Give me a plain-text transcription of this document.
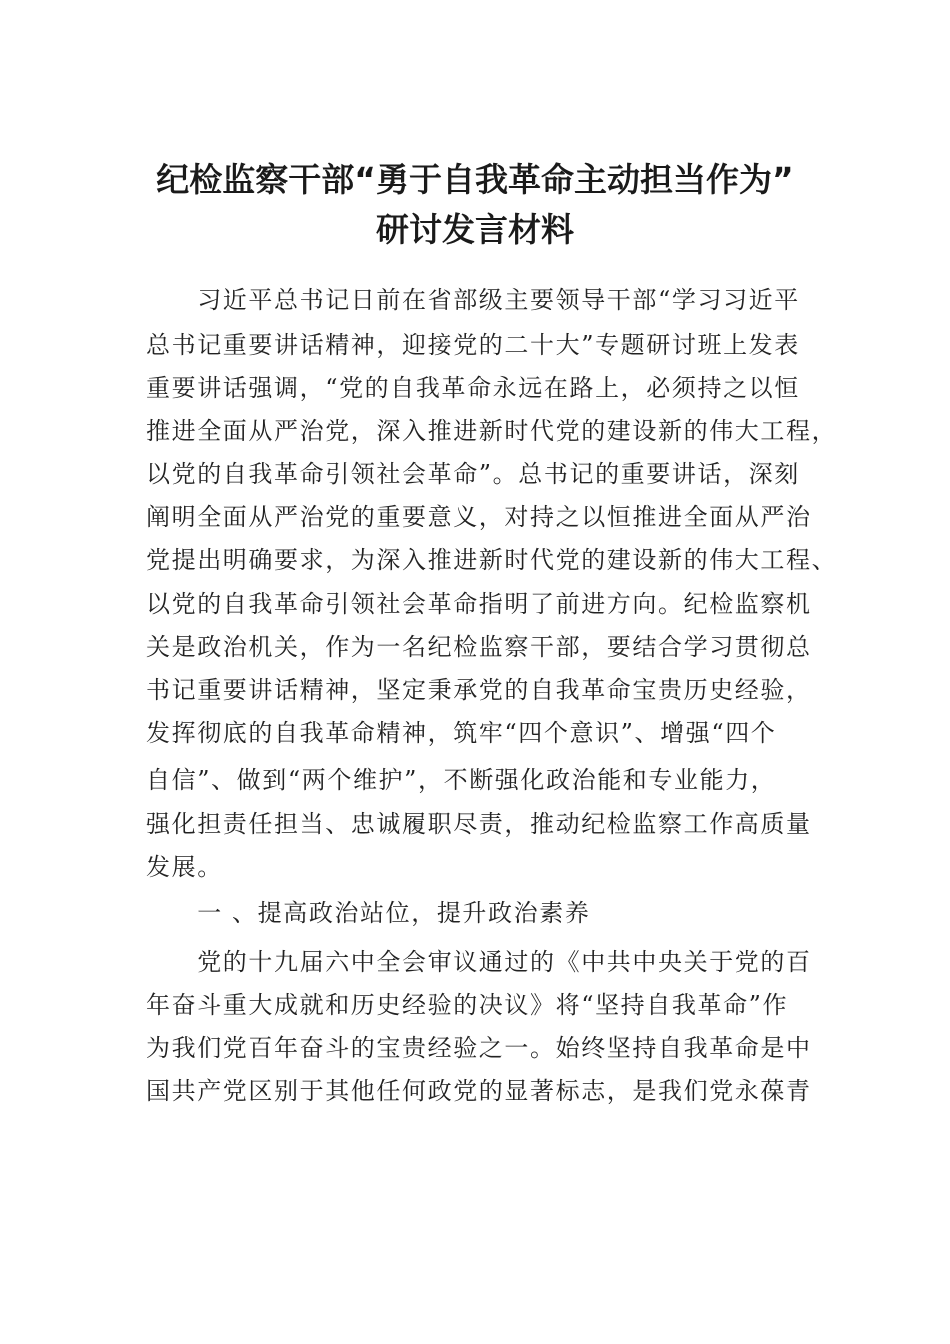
纪检监察干部“勇于自我革命主动担当作为”
研讨发言材料
　　习近平总书记日前在省部级主要领导干部“学习习近平
总书记重要讲话精神，迎接党的二十大”专题研讨班上发表
重要讲话强调，“党的自我革命永远在路上，必须持之以恒
推进全面从严治党，深入推进新时代党的建设新的伟大工程，
以党的自我革命引领社会革命”。总书记的重要讲话，深刻
阐明全面从严治党的重要意义，对持之以恒推进全面从严治
党提出明确要求，为深入推进新时代党的建设新的伟大工程、
以党的自我革命引领社会革命指明了前进方向。纪检监察机
关是政治机关，作为一名纪检监察干部，要结合学习贯彻总
书记重要讲话精神，坚定秉承党的自我革命宝贵历史经验，
发挥彻底的自我革命精神，筑牢“四个意识”、增强“四个
自信”、做到“两个维护”，不断强化政治能和专业能力，
强化担责任担当、忠诚履职尽责，推动纪检监察工作高质量
发展。
　　一 、提高政治站位，提升政治素养
　　党的十九届六中全会审议通过的《中共中央关于党的百
年奋斗重大成就和历史经验的决议》将“坚持自我革命”作
为我们党百年奋斗的宝贵经验之一。始终坚持自我革命是中
国共产党区别于其他任何政党的显著标志，是我们党永葆青
